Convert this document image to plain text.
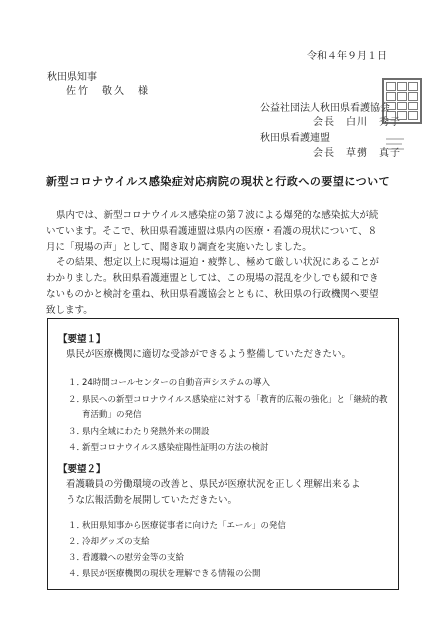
令和４年９月１日
秋田県知事
佐竹　敬久　様
公益社団法人秋田県看護協会
会長　白川　秀子
秋田県看護連盟
会長　草彅　真子
新型コロナウイルス感染症対応病院の現状と行政への要望について
県内では、新型コロナウイルス感染症の第７波による爆発的な感染拡大が続いています。そこで、秋田県看護連盟は県内の医療・看護の現状について、８月に「現場の声」として、聞き取り調査を実施いたしました。
その結果、想定以上に現場は逼迫・疲弊し、極めて厳しい状況にあることがわかりました。秋田県看護連盟としては、この現場の混乱を少しでも緩和できないものかと検討を重ね、秋田県看護協会とともに、秋田県の行政機関へ要望致します。
【要望１】
県民が医療機関に適切な受診ができるよう整備していただきたい。
１．24時間コールセンターの自動音声システムの導入
２．県民への新型コロナウイルス感染症に対する「教育的広報の強化」と「継続的教
育活動」の発信
３．県内全域にわたり発熱外来の開設
４．新型コロナウイルス感染症陽性証明の方法の検討
【要望２】
看護職員の労働環境の改善と、県民が医療状況を正しく理解出来るような広報活動を展開していただきたい。
１．秋田県知事から医療従事者に向けた「エール」の発信
２．冷却グッズの支給
３．看護職への慰労金等の支給
４．県民が医療機関の現状を理解できる情報の公開
